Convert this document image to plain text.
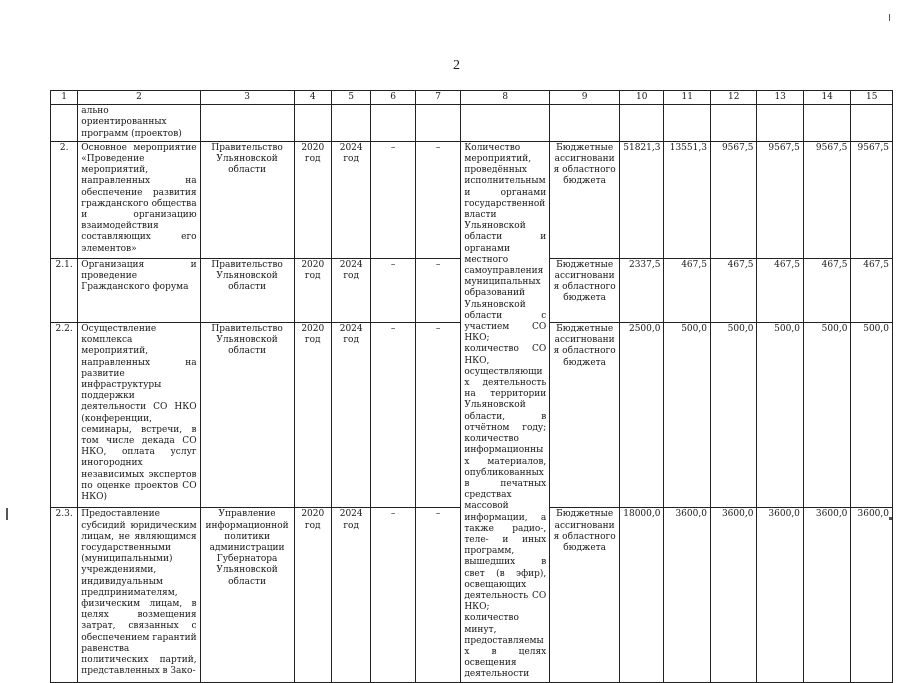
2
1	2	3	4	5	6	7	8	9	10	11	12	13	14	15
	ально ориентированных программ (проектов)													
2.	Основное мероприятие «Проведение мероприятий, направленных на обеспечение развития гражданского общества и организацию взаимодействия составляющих его элементов»	Правительство Ульяновской области	2020 год	2024 год	–	–	Количество мероприятий, проведённых исполнительными органами государственной власти Ульяновской области и органами местного самоуправления муниципальных образований Ульяновской области с участием СО НКО; количество СО НКО, осуществляющих деятельность на территории Ульяновской области, в отчётном году; количество информационных материалов, опубликованных в печатных средствах массовой информации, а также радио-, теле- и иных программ, вышедших в свет (в эфир), освещающих деятельность СО НКО; количество минут, предоставляемых в целях освещения деятельности	Бюджетные ассигнования областного бюджета	51821,3	13551,3	9567,5	9567,5	9567,5	9567,5
2.1.	Организация и проведение Гражданского форума	Правительство Ульяновской области	2020 год	2024 год	–	–		Бюджетные ассигнования областного бюджета	2337,5	467,5	467,5	467,5	467,5	467,5
2.2.	Осуществление комплекса мероприятий, направленных на развитие инфраструктуры поддержки деятельности СО НКО (конференции, семинары, встречи, в том числе декада СО НКО, оплата услуг иногородних независимых экспертов по оценке проектов СО НКО)	Правительство Ульяновской области	2020 год	2024 год	–	–		Бюджетные ассигнования областного бюджета	2500,0	500,0	500,0	500,0	500,0	500,0
2.3.	Предоставление субсидий юридическим лицам, не являющимся государственными (муниципальными) учреждениями, индивидуальным предпринимателям, физическим лицам, в целях возмещения затрат, связанных с обеспечением гарантий равенства политических партий, представленных в Зако-	Управление информационной политики администрации Губернатора Ульяновской области	2020 год	2024 год	–	–		Бюджетные ассигнования областного бюджета	18000,0	3600,0	3600,0	3600,0	3600,0	3600,0
